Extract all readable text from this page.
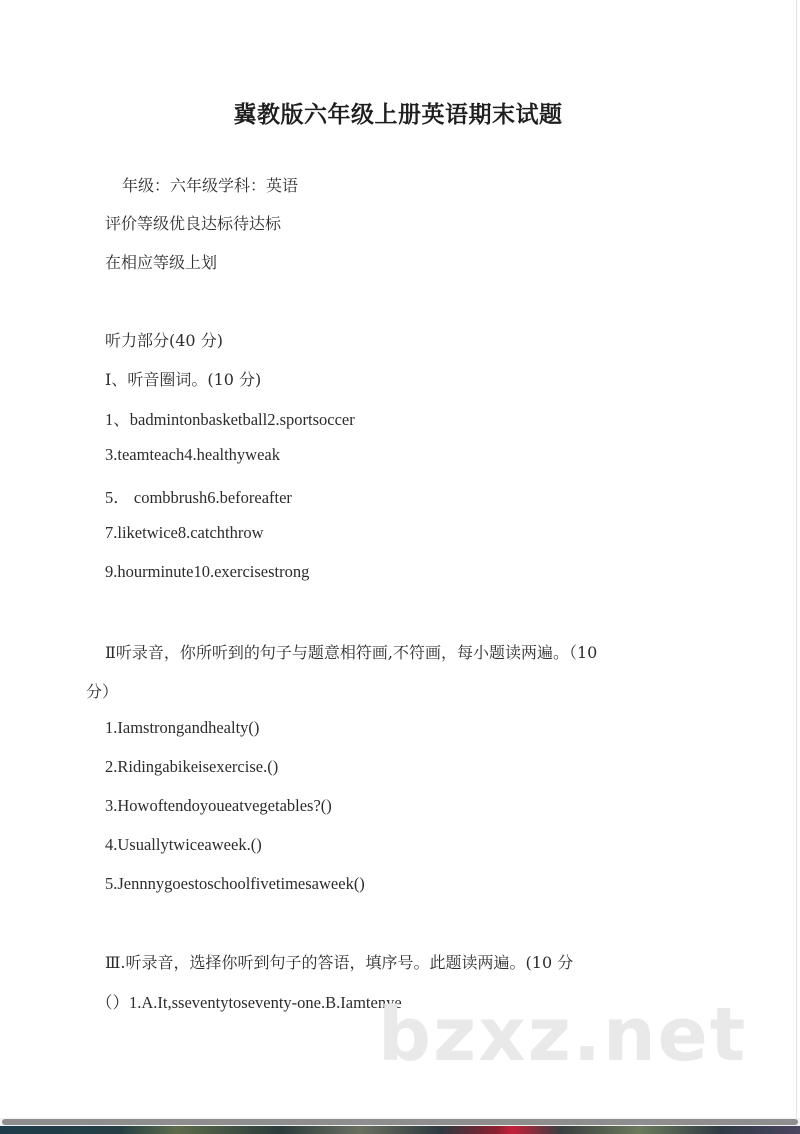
冀教版六年级上册英语期末试题
年级：六年级学科：英语
评价等级优良达标待达标
在相应等级上划
听力部分(40 分)
Ⅰ、听音圈词。(10 分)
1、badmintonbasketball2.sportsoccer
3.teamteach4.healthyweak
5． combbrush6.beforeafter
7.liketwice8.catchthrow
9.hourminute10.exercisestrong
Ⅱ听录音，你所听到的句子与题意相符画,不符画，每小题读两遍。（10
分）
1.Iamstrongandhealty()
2.Ridingabikeisexercise.()
3.Howoftendoyoueatvegetables?()
4.Usuallytwiceaweek.()
5.Jennnygoestoschoolfivetimesaweek()
Ⅲ.听录音，选择你听到句子的答语，填序号。此题读两遍。(10 分
（）1.A.It,sseventytoseventy-one.B.Iamtenye
bzxz.net
